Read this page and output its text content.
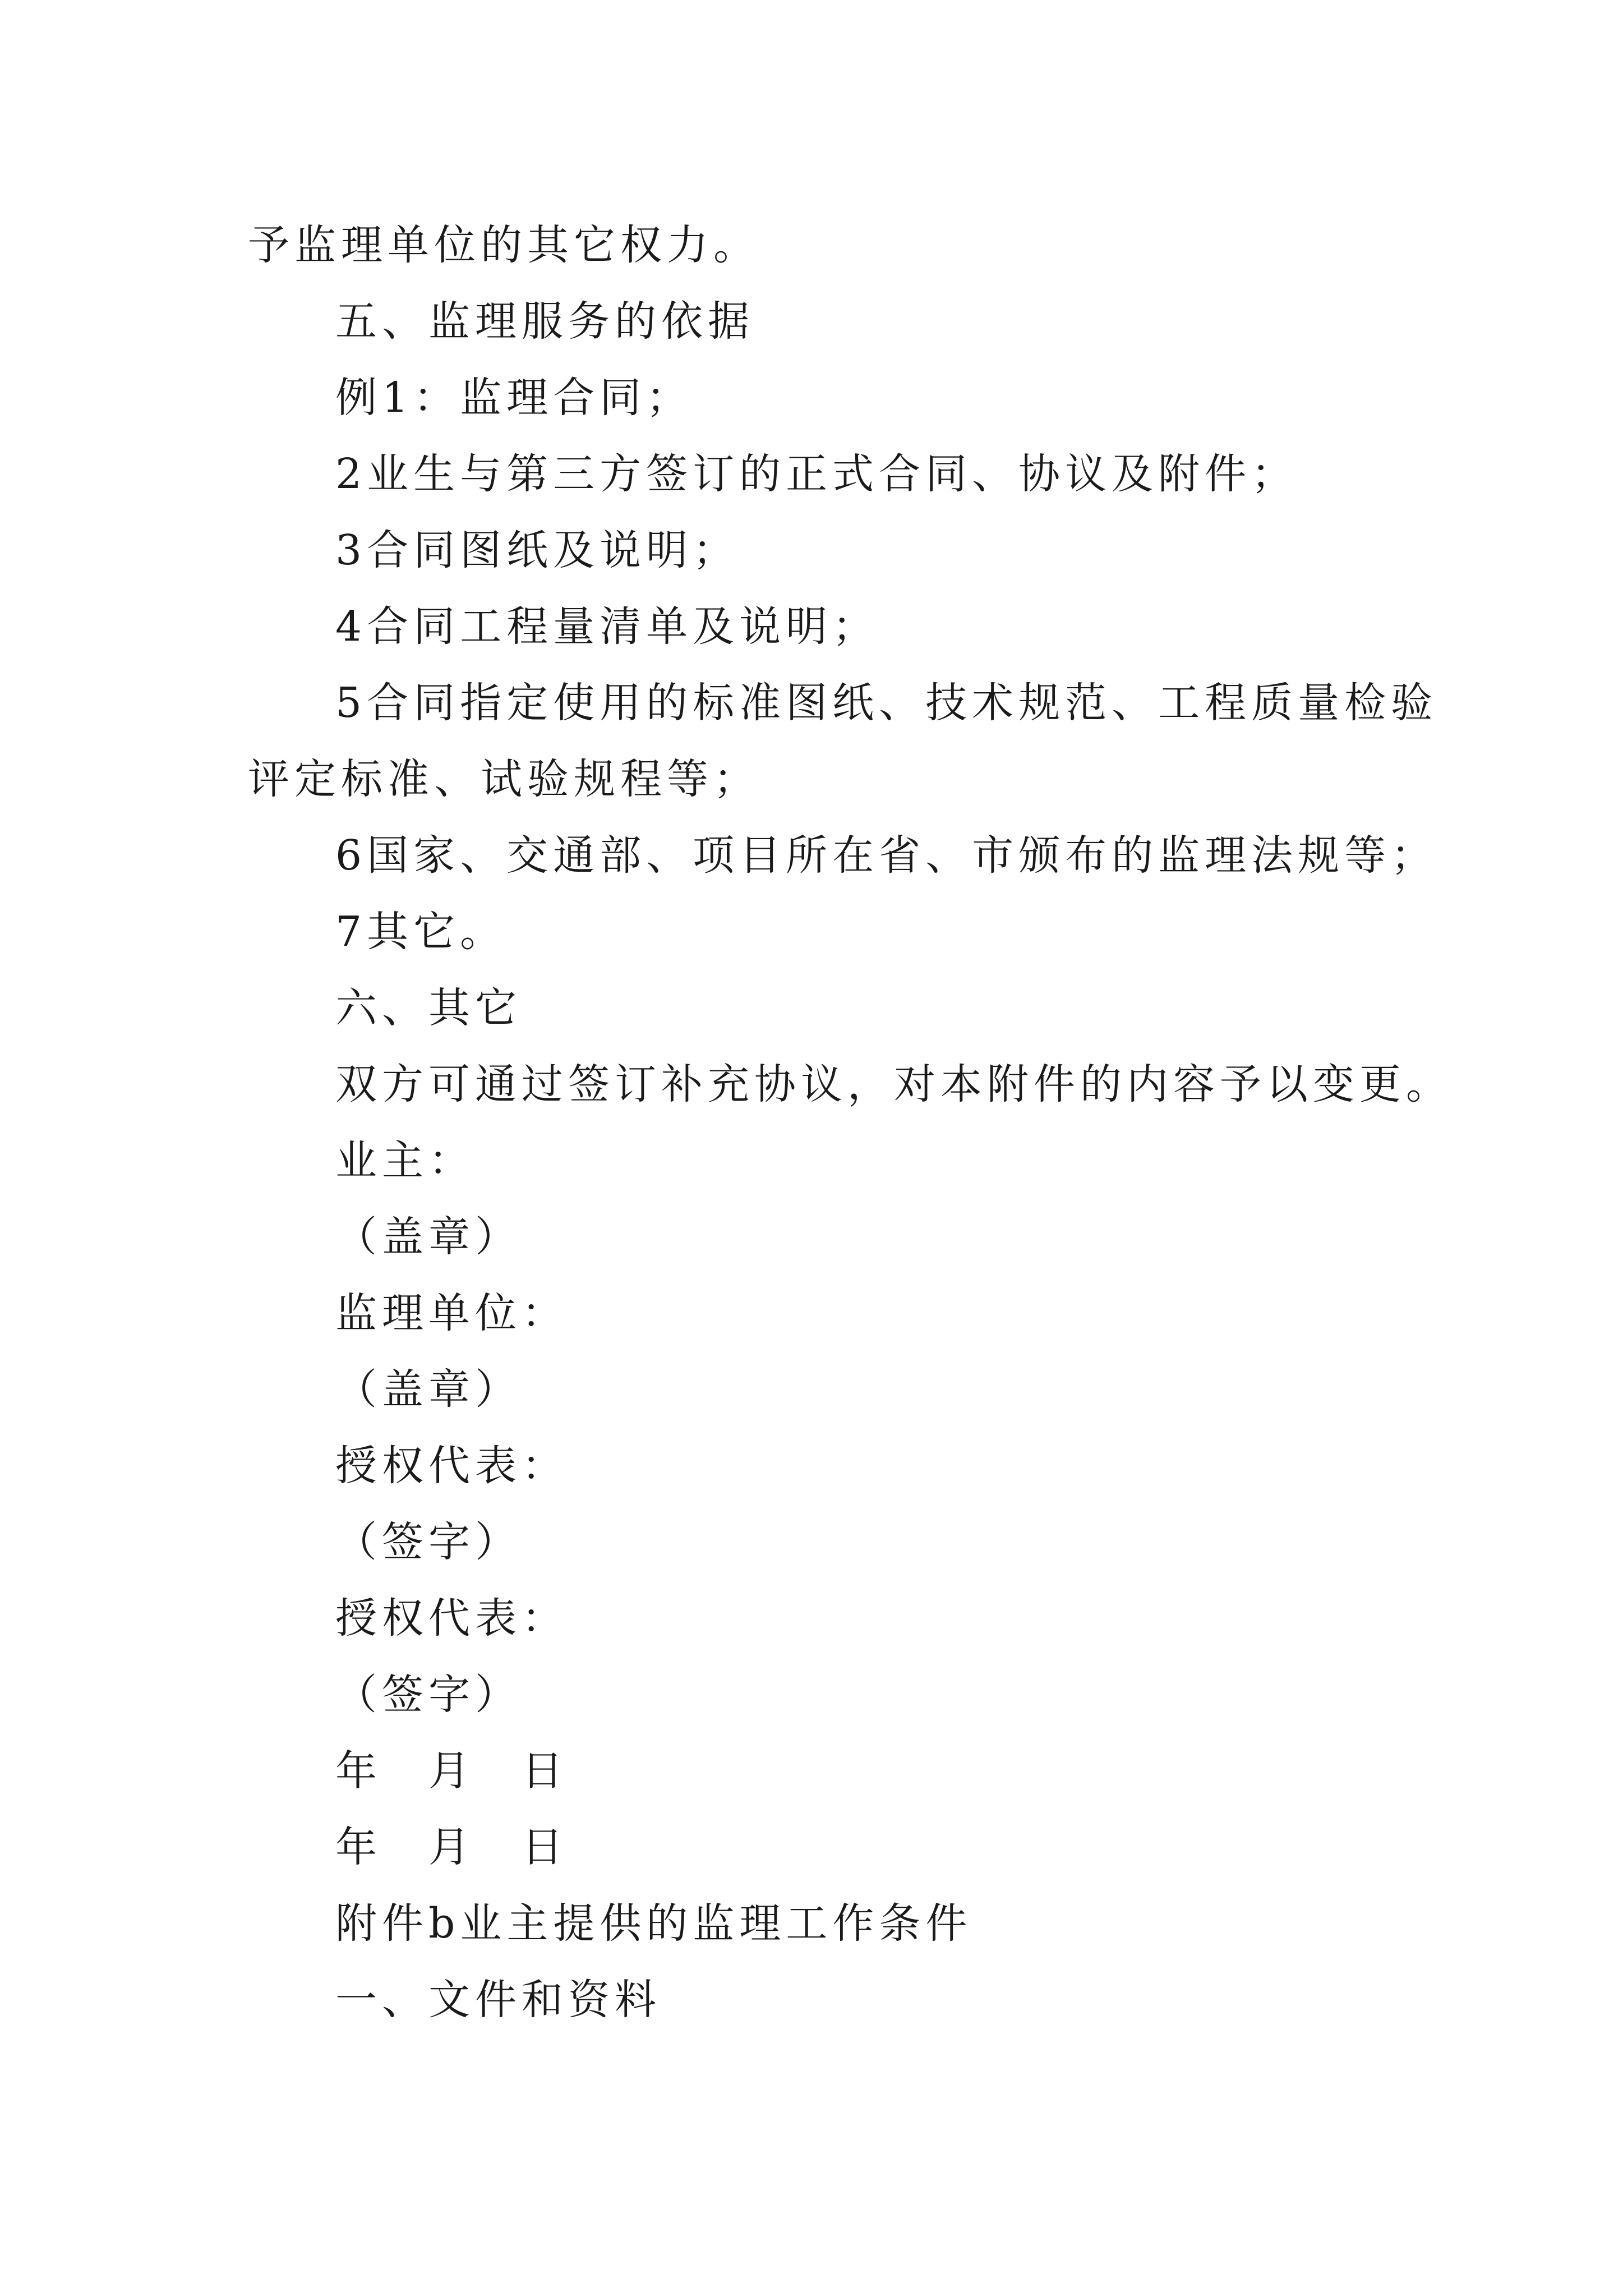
予监理单位的其它权力。
五、监理服务的依据
例1：监理合同；
2业生与第三方签订的正式合同、协议及附件；
3合同图纸及说明；
4合同工程量清单及说明；
5合同指定使用的标准图纸、技术规范、工程质量检验
评定标准、试验规程等；
6国家、交通部、项目所在省、市颁布的监理法规等；
7其它。
六、其它
双方可通过签订补充协议，对本附件的内容予以变更。
业主：
（盖章）
监理单位：
（盖章）
授权代表：
（签字）
授权代表：
（签字）
年　月　日
年　月　日
附件b业主提供的监理工作条件
一、文件和资料
